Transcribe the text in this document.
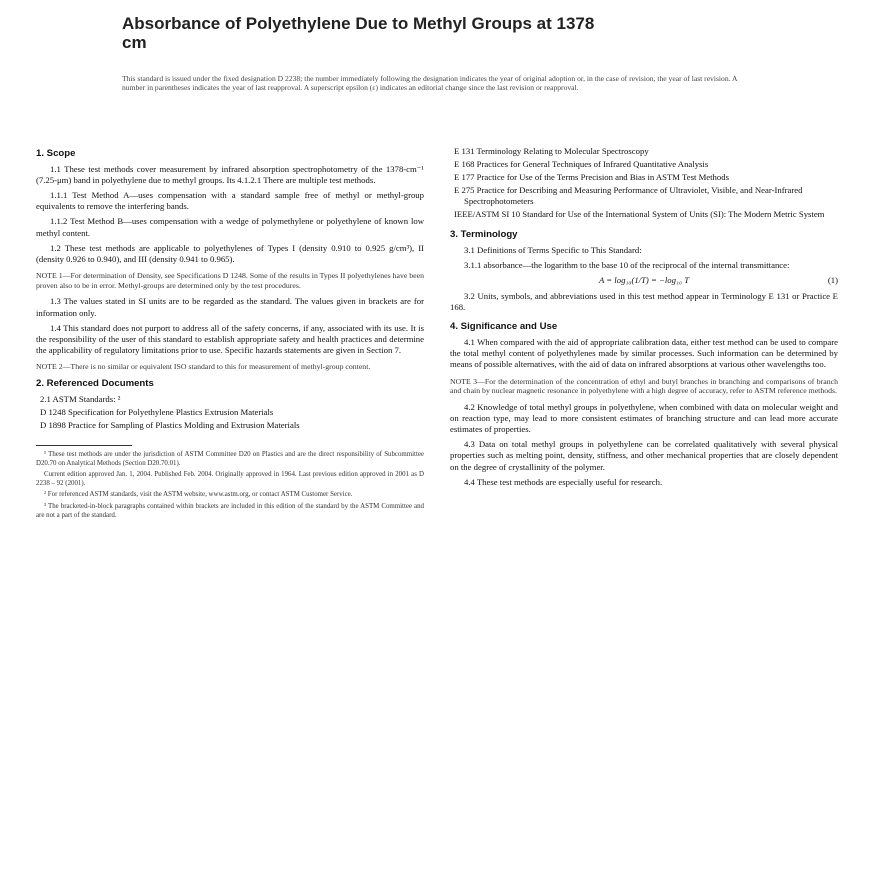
Absorbance of Polyethylene Due to Methyl Groups at 1378
cm
This standard is issued under the fixed designation D 2238; the number immediately following the designation indicates the year of original adoption or, in the case of revision, the year of last revision. A number in parentheses indicates the year of last reapproval. A superscript epsilon (ε) indicates an editorial change since the last revision or reapproval.
1. Scope

1.1 These test methods cover measurement by infrared absorption spectrophotometry of the 1378-cm⁻¹ (7.25-μm) band in polyethylene due to methyl groups. Its 4.1.2.1 There are multiple test methods.

1.1.1 Test Method A—uses compensation with a standard sample free of methyl or methyl-group equivalents to remove the interfering bands.

1.1.2 Test Method B—uses compensation with a wedge of polymethylene or polyethylene of known low methyl content.

1.2 These test methods are applicable to polyethylenes of Types I (density 0.910 to 0.925 g/cm³), II (density 0.926 to 0.940), and III (density 0.941 to 0.965).

NOTE 1—For determination of Density, see Specifications D 1248. Some of the results in Types II polyethylenes have been proven also to be in error. Methyl-groups are determined only by the test procedures.

1.3 The values stated in SI units are to be regarded as the standard. The values given in brackets are for information only.

1.4 This standard does not purport to address all of the safety concerns, if any, associated with its use. It is the responsibility of the user of this standard to establish appropriate safety and health practices and determine the applicability of regulatory limitations prior to use. Specific hazards statements are given in Section 7.

NOTE 2—There is no similar or equivalent ISO standard to this for measurement of methyl-group content.

2. Referenced Documents

2.1 ASTM Standards: ²

D 1248 Specification for Polyethylene Plastics Extrusion Materials

D 1898 Practice for Sampling of Plastics Molding and Extrusion Materials

¹ These test methods are under the jurisdiction of ASTM Committee D20 on Plastics and are the direct responsibility of Subcommittee D20.70 on Analytical Methods (Section D20.70.01).

Current edition approved Jan. 1, 2004. Published Feb. 2004. Originally approved in 1964. Last previous edition approved in 2001 as D 2238 – 92 (2001).

² For referenced ASTM standards, visit the ASTM website, www.astm.org, or contact ASTM Customer Service.

³ The bracketed-in-block paragraphs contained within brackets are included in this edition of the standard by the ASTM Committee and are not a part of the standard.

E 131 Terminology Relating to Molecular Spectroscopy

E 168 Practices for General Techniques of Infrared Quantitative Analysis

E 177 Practice for Use of the Terms Precision and Bias in ASTM Test Methods

E 275 Practice for Describing and Measuring Performance of Ultraviolet, Visible, and Near-Infrared Spectrophotometers

IEEE/ASTM SI 10 Standard for Use of the International System of Units (SI): The Modern Metric System

3. Terminology

3.1 Definitions of Terms Specific to This Standard:

3.1.1 absorbance—the logarithm to the base 10 of the reciprocal of the internal transmittance:

A = log₁₀(1/T) = −log₁₀ T	(1)

3.2 Units, symbols, and abbreviations used in this test method appear in Terminology E 131 or Practice E 168.

4. Significance and Use

4.1 When compared with the aid of appropriate calibration data, either test method can be used to compare the total methyl content of polyethylenes made by similar processes. Such information can be determined by means of possible alternatives, with the aid of data on infrared absorptions at various other wavelengths too.

NOTE 3—For the determination of the concentration of ethyl and butyl branches in branching and comparisons of branch and chain by nuclear magnetic resonance in polyethylene with a high degree of accuracy, refer to ASTM reference methods.

4.2 Knowledge of total methyl groups in polyethylene, when combined with data on molecular weight and on reaction type, may lead to more consistent estimates of branching structure and can lead more accurate estimates of properties.

4.3 Data on total methyl groups in polyethylene can be correlated qualitatively with several physical properties such as melting point, density, stiffness, and other mechanical properties that are closely dependent on the degree of crystallinity of the polymer.

4.4 These test methods are especially useful for research.
